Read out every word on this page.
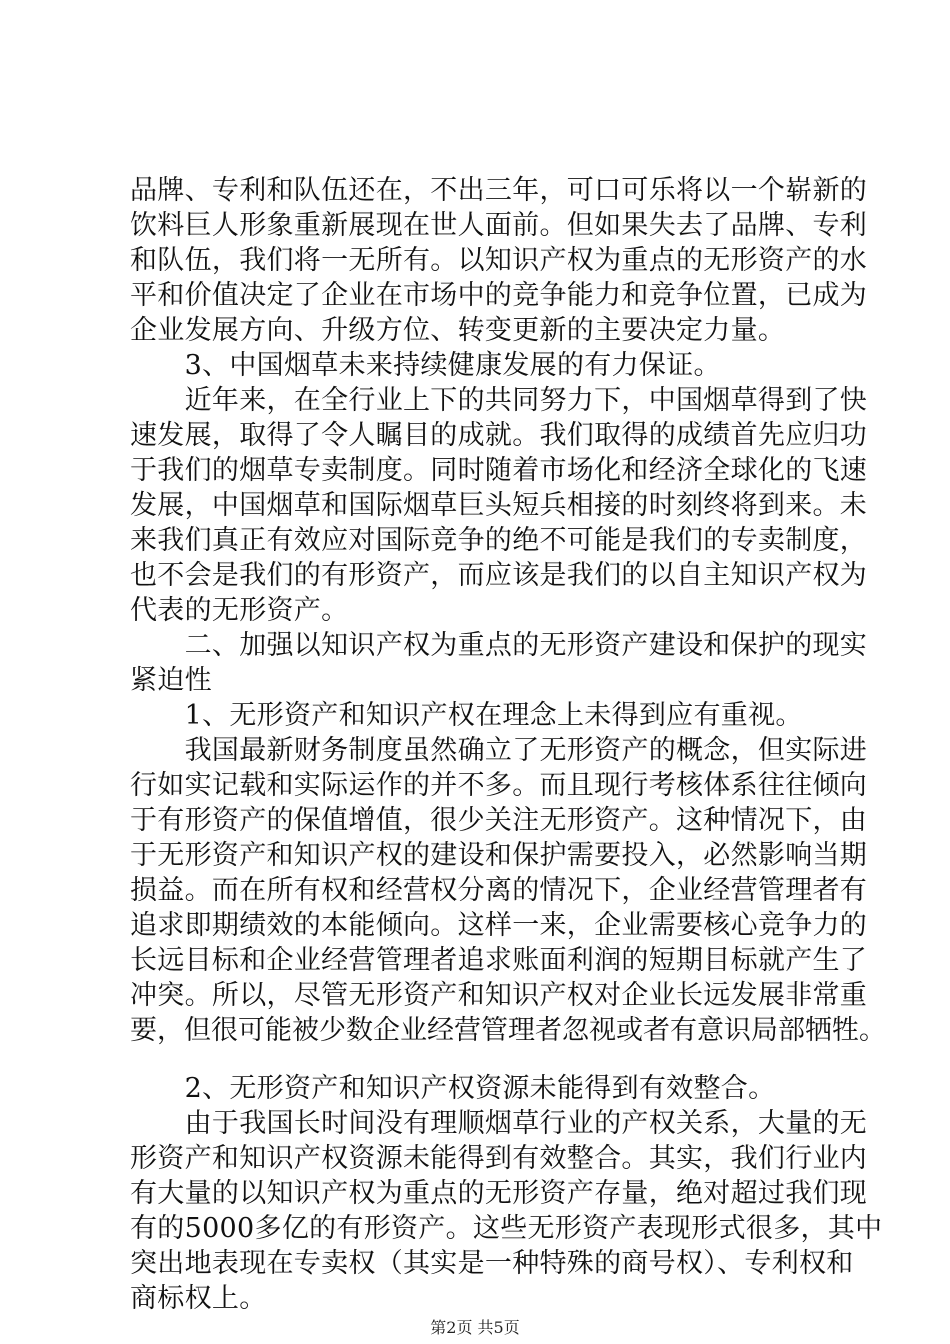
品牌、专利和队伍还在，不出三年，可口可乐将以一个崭新的

饮料巨人形象重新展现在世人面前。但如果失去了品牌、专利

和队伍，我们将一无所有。以知识产权为重点的无形资产的水

平和价值决定了企业在市场中的竞争能力和竞争位置，已成为

企业发展方向、升级方位、转变更新的主要决定力量。

　　3、中国烟草未来持续健康发展的有力保证。

　　近年来，在全行业上下的共同努力下，中国烟草得到了快

速发展，取得了令人瞩目的成就。我们取得的成绩首先应归功

于我们的烟草专卖制度。同时随着市场化和经济全球化的飞速

发展，中国烟草和国际烟草巨头短兵相接的时刻终将到来。未

来我们真正有效应对国际竞争的绝不可能是我们的专卖制度，

也不会是我们的有形资产，而应该是我们的以自主知识产权为

代表的无形资产。

　　二、加强以知识产权为重点的无形资产建设和保护的现实

紧迫性

　　1、无形资产和知识产权在理念上未得到应有重视。

　　我国最新财务制度虽然确立了无形资产的概念，但实际进

行如实记载和实际运作的并不多。而且现行考核体系往往倾向

于有形资产的保值增值，很少关注无形资产。这种情况下，由

于无形资产和知识产权的建设和保护需要投入，必然影响当期

损益。而在所有权和经营权分离的情况下，企业经营管理者有

追求即期绩效的本能倾向。这样一来，企业需要核心竞争力的

长远目标和企业经营管理者追求账面利润的短期目标就产生了

冲突。所以，尽管无形资产和知识产权对企业长远发展非常重

要，但很可能被少数企业经营管理者忽视或者有意识局部牺牲。

　　2、无形资产和知识产权资源未能得到有效整合。

　　由于我国长时间没有理顺烟草行业的产权关系，大量的无

形资产和知识产权资源未能得到有效整合。其实，我们行业内

有大量的以知识产权为重点的无形资产存量，绝对超过我们现

有的5000多亿的有形资产。这些无形资产表现形式很多，其中

突出地表现在专卖权（其实是一种特殊的商号权）、专利权和

商标权上。

第2页 共5页
